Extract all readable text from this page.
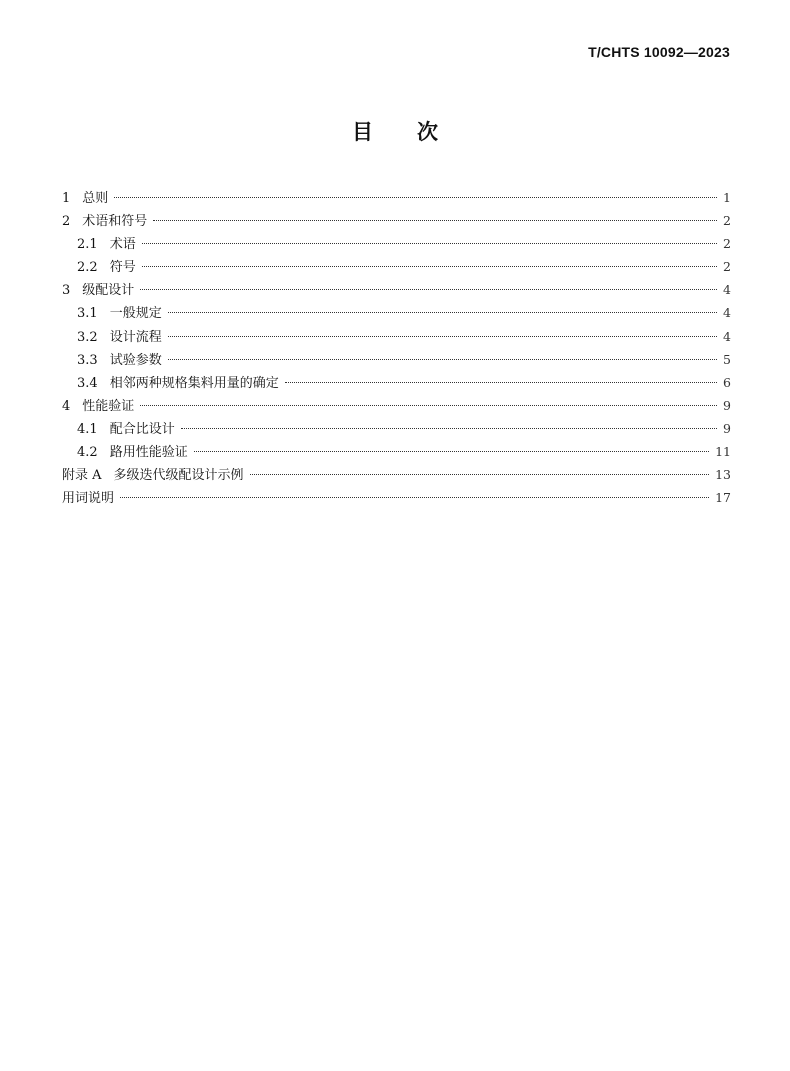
T/CHTS 10092—2023
目次
1 总则	1
2 术语和符号	2
2.1 术语	2
2.2 符号	2
3 级配设计	4
3.1 一般规定	4
3.2 设计流程	4
3.3 试验参数	5
3.4 相邻两种规格集料用量的确定	6
4 性能验证	9
4.1 配合比设计	9
4.2 路用性能验证	11
附录 A 多级迭代级配设计示例	13
用词说明	17
